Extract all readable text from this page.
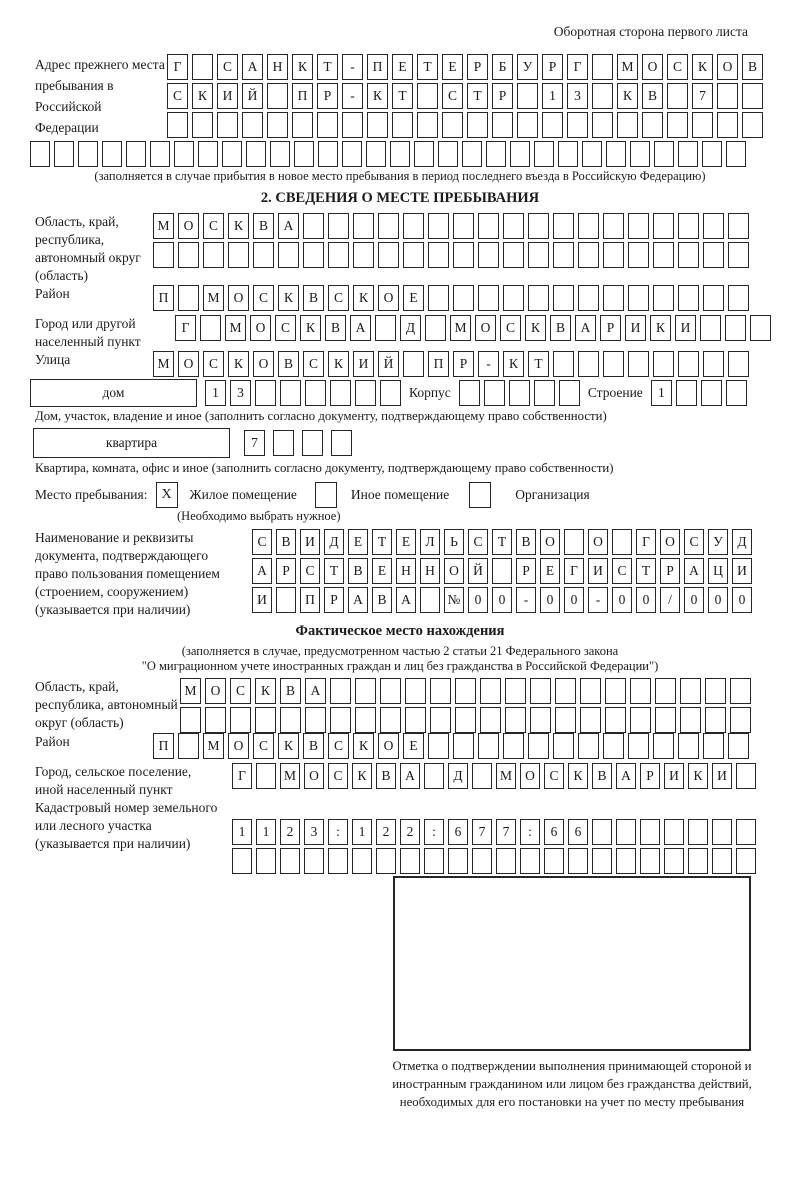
Оборотная сторона первого листа
Адрес прежнего места пребывания в Российской Федерации
Г	С	А	Н	К	Т	-	П	Е	Т	Е	Р	Б	У	Р	Г	М	О	С	К	О	В
С	К	И	Й	П	Р	-	К	Т	С	Т	Р	1	3	К	В	7
(заполняется в случае прибытия в новое место пребывания в период последнего въезда в Российскую Федерацию)
2. СВЕДЕНИЯ О МЕСТЕ ПРЕБЫВАНИЯ
Область, край, республика, автономный округ (область)
М	О	С	К	В	А
Район	П	М	О	С	К	В	С	К	О	Е
Город или другой населенный пункт
Г	М	О	С	К	В	А	Д	М	О	С	К	В	А	Р	И	К	И
Улица	М	О	С	К	О	В	С	К	И	Й	П	Р	-	К	Т
дом	1	3	Корпус	Строение	1
Дом, участок, владение и иное (заполнить согласно документу, подтверждающему право собственности)
квартира	7
Квартира, комната, офис и иное (заполнить согласно документу, подтверждающему право собственности)
Место пребывания: X	Жилое помещение	Иное помещение	Организация
(Необходимо выбрать нужное)
Наименование и реквизиты документа, подтверждающего право пользования помещением (строением, сооружением) (указывается при наличии)
С	В	И	Д	Е	Т	Е	Л	Ь	С	Т	В	О	О	Г	О	С	У	Д
А	Р	С	Т	В	Е	Н	Н	О	Й	Р	Е	Г	И	С	Т	Р	А	Ц	И
И	П	Р	А	В	А	№	0	0	-	0	0	-	0	0	/	0	0	0
Фактическое место нахождения
(заполняется в случае, предусмотренном частью 2 статьи 21 Федерального закона
"О миграционном учете иностранных граждан и лиц без гражданства в Российской Федерации")
Область, край, республика, автономный округ (область)
М	О	С	К	В	А
Район	П	М	О	С	К	В	С	К	О	Е
Город, сельское поселение, иной населенный пункт
Г	М О	С	К	В	А	Д	М О	С	К	В	А	Р	И	К	И
Кадастровый номер земельного или лесного участка (указывается при наличии)
1	1	2	3	:	1	2	2	:	6	7	7	:	6	6
Отметка о подтверждении выполнения принимающей стороной и иностранным гражданином или лицом без гражданства действий, необходимых для его постановки на учет по месту пребывания
